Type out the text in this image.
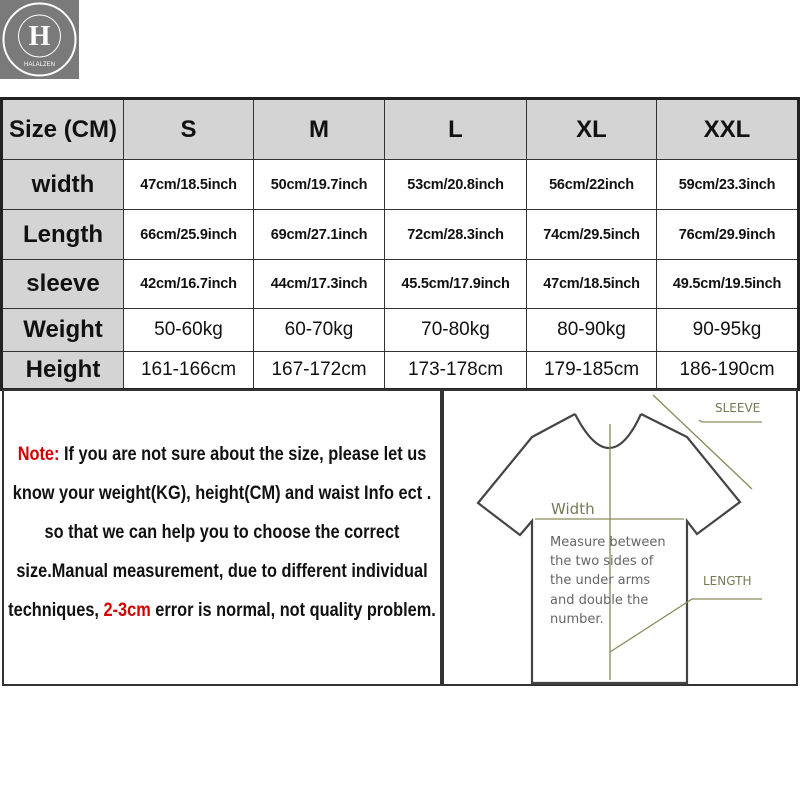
H
HALALZEN
Size (CM)	S	M	L	XL	XXL
width	47cm/18.5inch	50cm/19.7inch	53cm/20.8inch	56cm/22inch	59cm/23.3inch
Length	66cm/25.9inch	69cm/27.1inch	72cm/28.3inch	74cm/29.5inch	76cm/29.9inch
sleeve	42cm/16.7inch	44cm/17.3inch	45.5cm/17.9inch	47cm/18.5inch	49.5cm/19.5inch
Weight	50-60kg	60-70kg	70-80kg	80-90kg	90-95kg
Height	161-166cm	167-172cm	173-178cm	179-185cm	186-190cm
Note: If you are not sure about the size, please let us
know your weight(KG), height(CM) and waist Info ect .
so that we can help you to choose the correct
size.Manual measurement, due to different individual
techniques, 2-3cm error is normal, not quality problem.
Width
SLEEVE
LENGTH
Measure between
the two sides of
the under arms
and double the
number.
